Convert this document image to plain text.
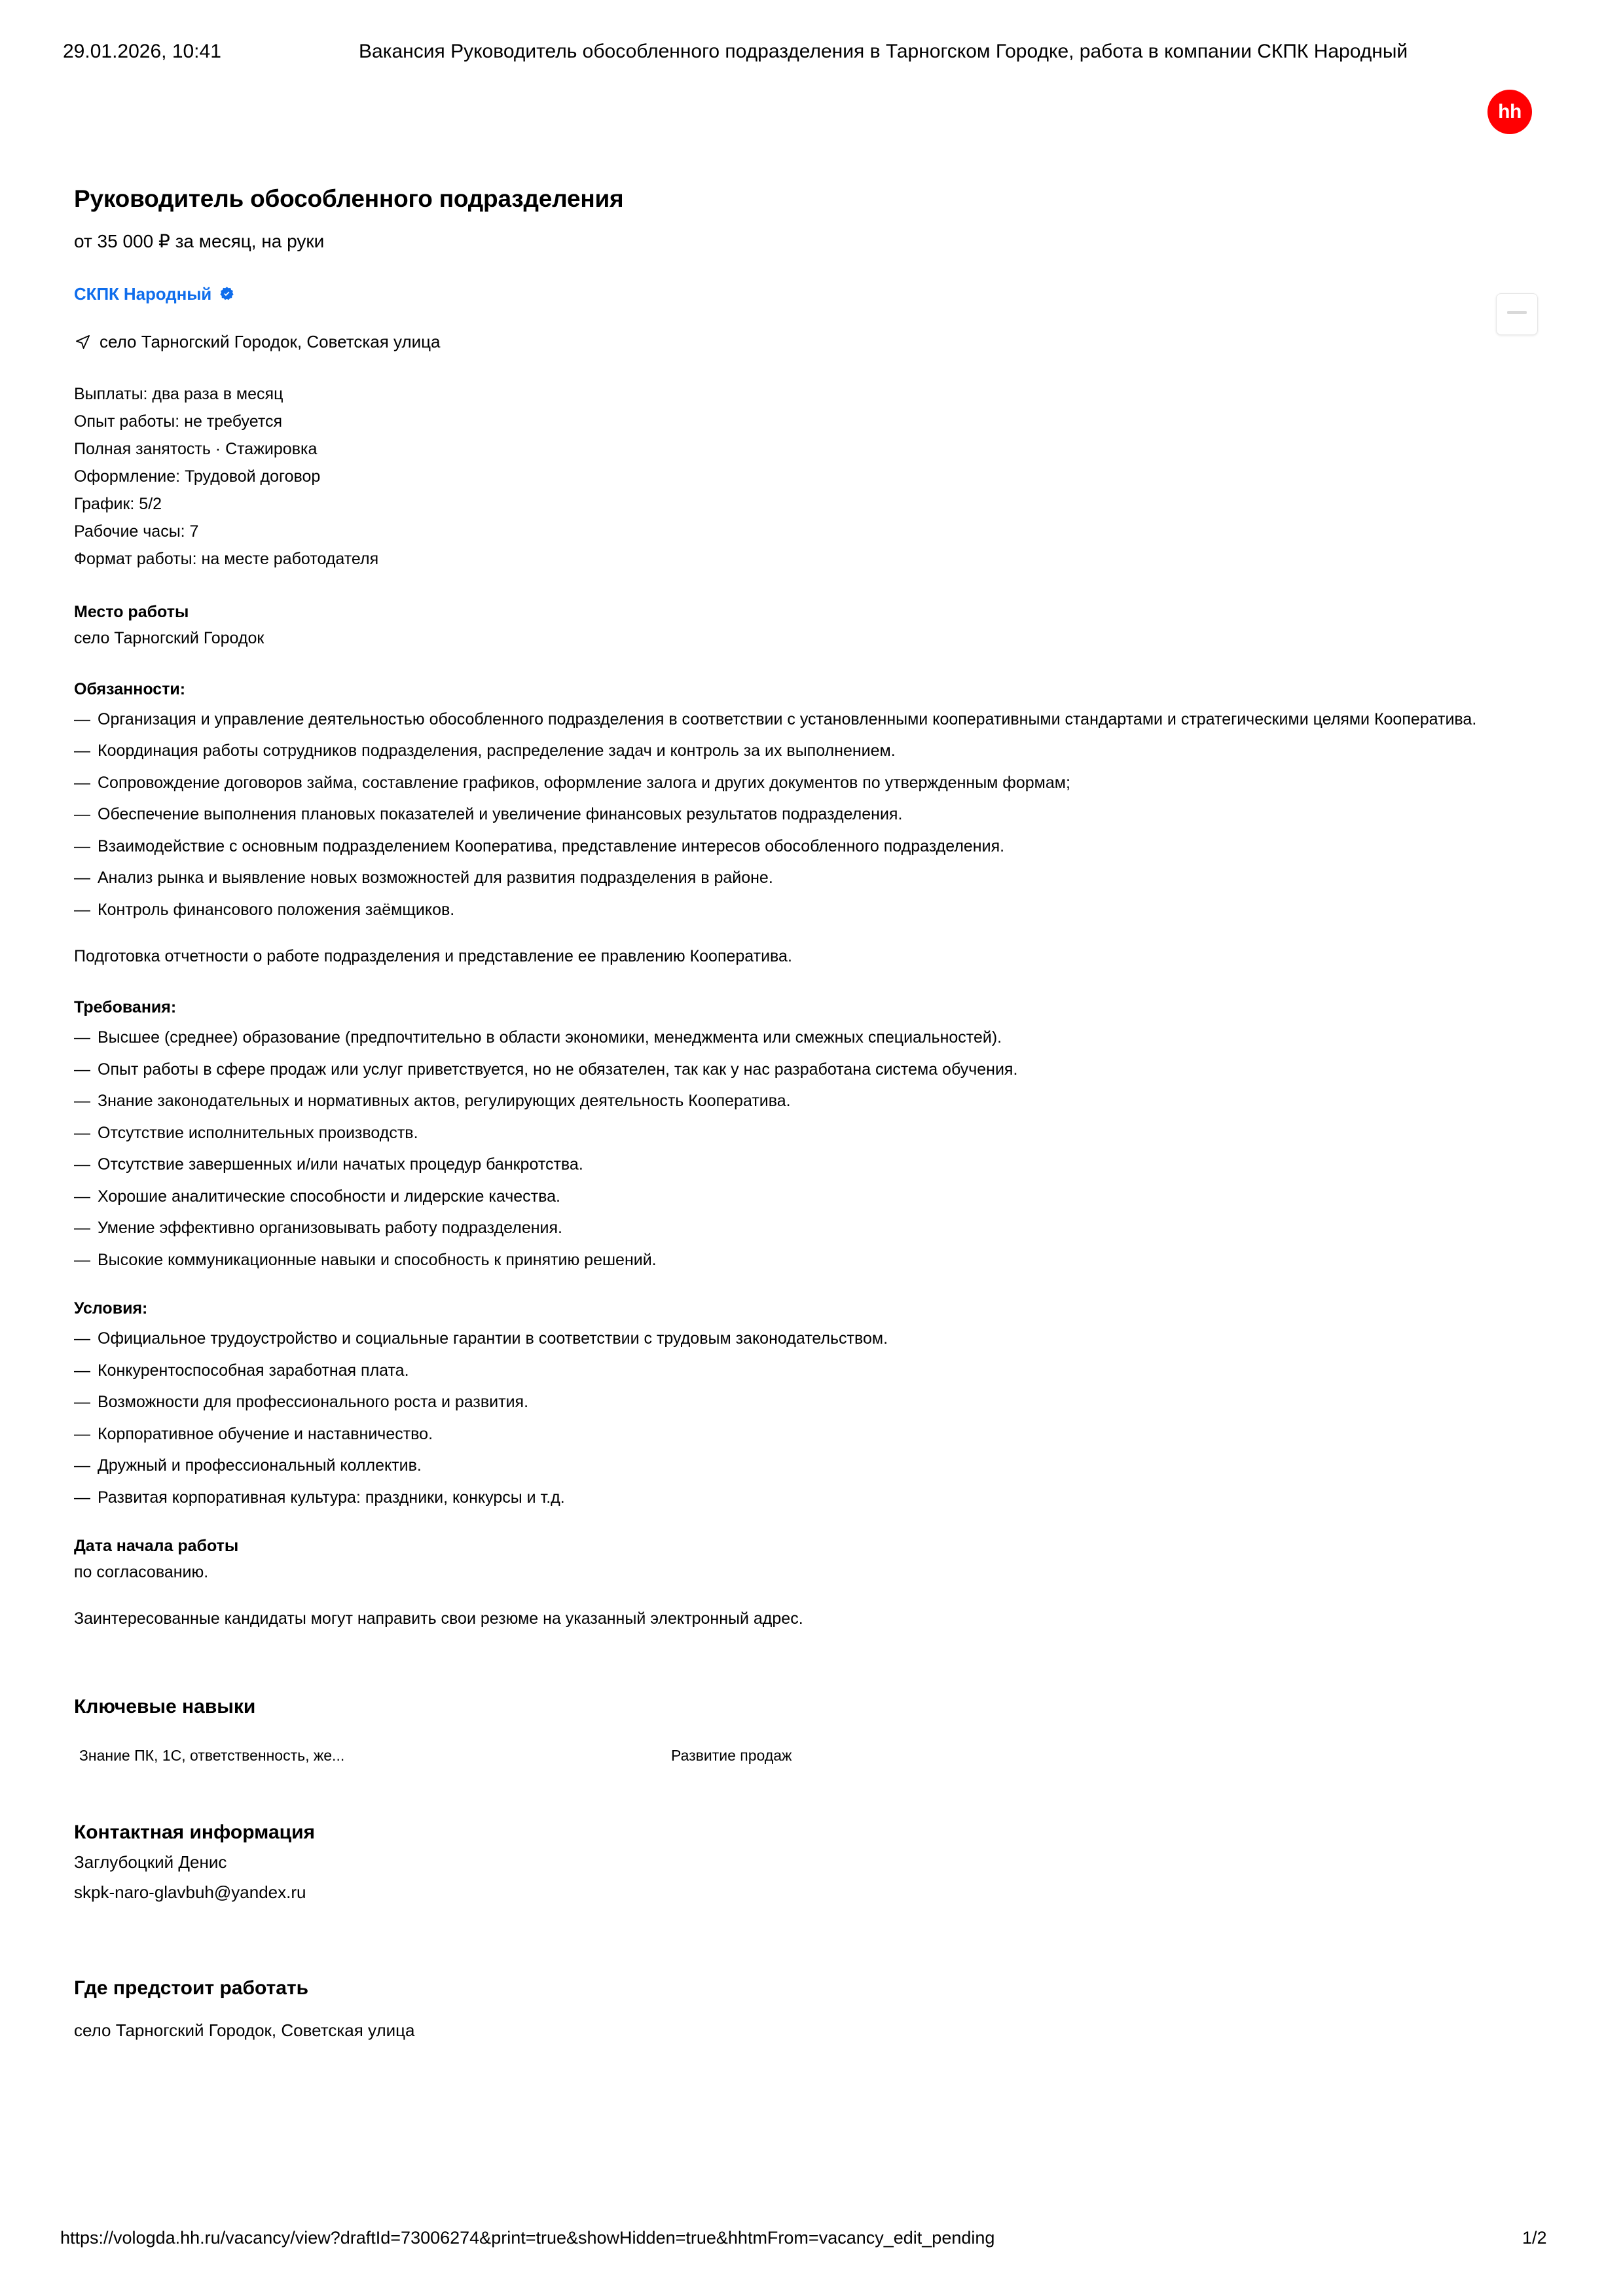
29.01.2026, 10:41	Вакансия Руководитель обособленного подразделения в Тарногском Городке, работа в компании СКПК Народный
hh
Руководитель обособленного подразделения
от 35 000 ₽ за месяц, на руки
СКПК Народный
село Тарногский Городок, Советская улица
Выплаты: два раза в месяц
Опыт работы: не требуется
Полная занятость · Стажировка
Оформление: Трудовой договор
График: 5/2
Рабочие часы: 7
Формат работы: на месте работодателя
Место работы
село Тарногский Городок
Обязанности:
— Организация и управление деятельностью обособленного подразделения в соответствии с установленными кооперативными стандартами и стратегическими целями Кооператива.
— Координация работы сотрудников подразделения, распределение задач и контроль за их выполнением.
— Сопровождение договоров займа, составление графиков, оформление залога и других документов по утвержденным формам;
— Обеспечение выполнения плановых показателей и увеличение финансовых результатов подразделения.
— Взаимодействие с основным подразделением Кооператива, представление интересов обособленного подразделения.
— Анализ рынка и выявление новых возможностей для развития подразделения в районе.
— Контроль финансового положения заёмщиков.
Подготовка отчетности о работе подразделения и представление ее правлению Кооператива.
Требования:
— Высшее (среднее) образование (предпочтительно в области экономики, менеджмента или смежных специальностей).
— Опыт работы в сфере продаж или услуг приветствуется, но не обязателен, так как у нас разработана система обучения.
— Знание законодательных и нормативных актов, регулирующих деятельность Кооператива.
— Отсутствие исполнительных производств.
— Отсутствие завершенных и/или начатых процедур банкротства.
— Хорошие аналитические способности и лидерские качества.
— Умение эффективно организовывать работу подразделения.
— Высокие коммуникационные навыки и способность к принятию решений.
Условия:
— Официальное трудоустройство и социальные гарантии в соответствии с трудовым законодательством.
— Конкурентоспособная заработная плата.
— Возможности для профессионального роста и развития.
— Корпоративное обучение и наставничество.
— Дружный и профессиональный коллектив.
— Развитая корпоративная культура: праздники, конкурсы и т.д.
Дата начала работы
по согласованию.
Заинтересованные кандидаты могут направить свои резюме на указанный электронный адрес.
Ключевые навыки
Знание ПК, 1С, ответственность, же...	Развитие продаж
Контактная информация
Заглубоцкий Денис
skpk-naro-glavbuh@yandex.ru
Где предстоит работать
село Тарногский Городок, Советская улица
https://vologda.hh.ru/vacancy/view?draftId=73006274&print=true&showHidden=true&hhtmFrom=vacancy_edit_pending	1/2
